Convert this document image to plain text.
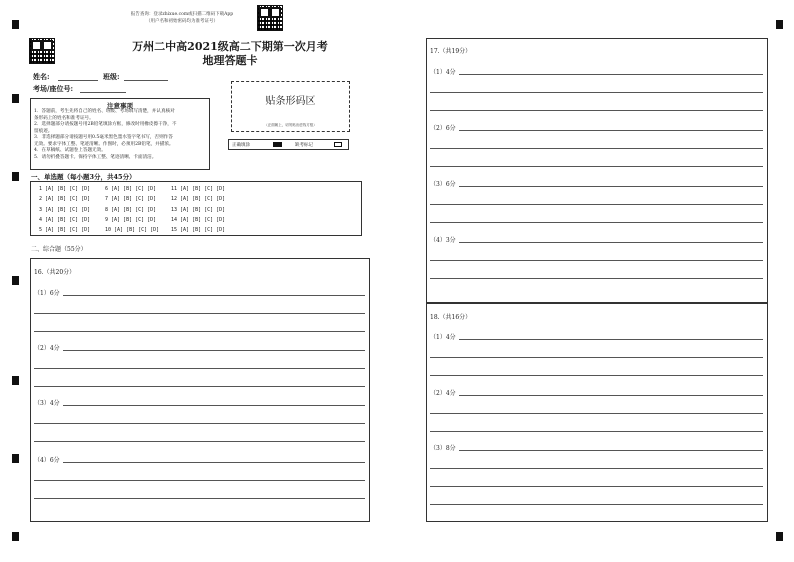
报告查询：登录zhixue.com或扫描二维码下载App
（用户名和初始密码均为准考证号）
万州二中高2021级高二下期第一次月考
地理答题卡
姓名:	班级:
考场/座位号:
贴条形码区
（正面朝上，切勿贴出虚线方框）
正确填涂	缺考标记
注意事项
1．答题前，考生先将自己的姓名、班级、考场填写清楚，并认真核对
条形码上的姓名和准考证号。
2．选择题部分请按题号用2B铅笔填涂方框，修改时用橡皮擦干净，不
留痕迹。
3．非选择题部分请按题号用0.5毫米黑色墨水签字笔书写，否则作答
无效。要求字体工整、笔迹清晰。作图时，必须用2B铅笔，并描浓。
4．在草稿纸、试题卷上答题无效。
5．请勿折叠答题卡。保持字体工整、笔迹清晰、卡面清洁。
一、单选题（每小题3分，共45分）
1 [A] [B] [C] [D]	6 [A] [B] [C] [D]	11 [A] [B] [C] [D]
2 [A] [B] [C] [D]	7 [A] [B] [C] [D]	12 [A] [B] [C] [D]
3 [A] [B] [C] [D]	8 [A] [B] [C] [D]	13 [A] [B] [C] [D]
4 [A] [B] [C] [D]	9 [A] [B] [C] [D]	14 [A] [B] [C] [D]
5 [A] [B] [C] [D]	10 [A] [B] [C] [D]	15 [A] [B] [C] [D]
二、综合题（55分）
16.（共20分）
（1）6分
（2）4分
（3）4分
（4）6分
17.（共19分）
（1）4分
（2）6分
（3）6分
（4）3分
18.（共16分）
（1）4分
（2）4分
（3）8分
